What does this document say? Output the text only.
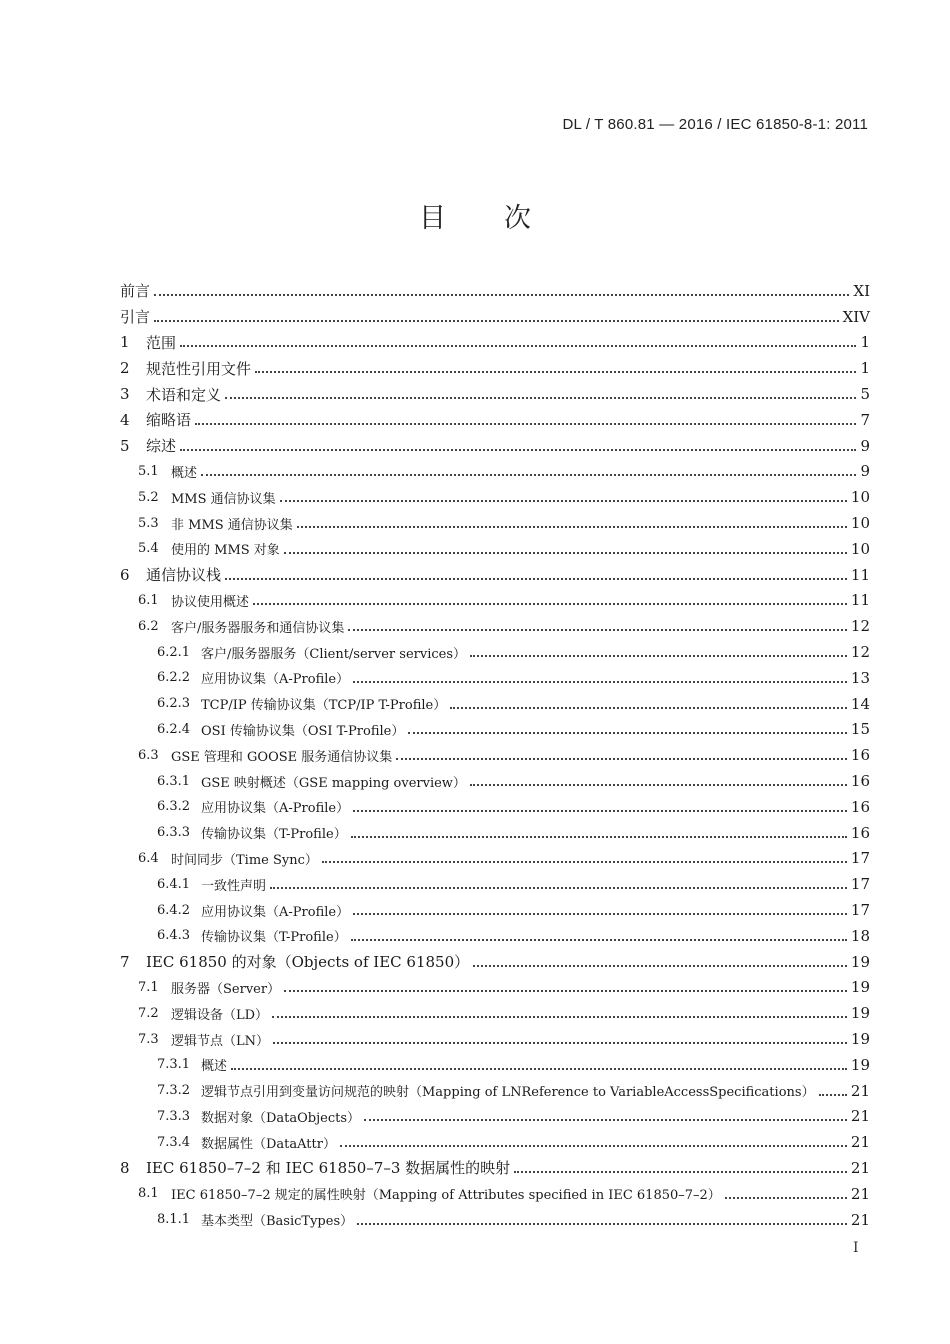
DL / T 860.81 — 2016 / IEC 61850-8-1: 2011
目次
前言	XI
引言	XIV
1	范围	1
2	规范性引用文件	1
3	术语和定义	5
4	缩略语	7
5	综述	9
5.1 概述	9
5.2 MMS 通信协议集	10
5.3 非 MMS 通信协议集	10
5.4 使用的 MMS 对象	10
6	通信协议栈	11
6.1 协议使用概述	11
6.2 客户/服务器服务和通信协议集	12
6.2.1 客户/服务器服务（Client/server services）	12
6.2.2 应用协议集（A-Profile）	13
6.2.3 TCP/IP 传输协议集（TCP/IP T-Profile）	14
6.2.4 OSI 传输协议集（OSI T-Profile）	15
6.3 GSE 管理和 GOOSE 服务通信协议集	16
6.3.1 GSE 映射概述（GSE mapping overview）	16
6.3.2 应用协议集（A-Profile）	16
6.3.3 传输协议集（T-Profile）	16
6.4 时间同步（Time Sync）	17
6.4.1 一致性声明	17
6.4.2 应用协议集（A-Profile）	17
6.4.3 传输协议集（T-Profile）	18
7	IEC 61850 的对象（Objects of IEC 61850）	19
7.1 服务器（Server）	19
7.2 逻辑设备（LD）	19
7.3 逻辑节点（LN）	19
7.3.1 概述	19
7.3.2 逻辑节点引用到变量访问规范的映射（Mapping of LNReference to VariableAccessSpecifications） 21
7.3.3 数据对象（DataObjects）	21
7.3.4 数据属性（DataAttr）	21
8	IEC 61850–7–2 和 IEC 61850–7–3 数据属性的映射	21
8.1 IEC 61850–7–2 规定的属性映射（Mapping of Attributes specified in IEC 61850–7–2）	21
8.1.1 基本类型（BasicTypes）	21
I
